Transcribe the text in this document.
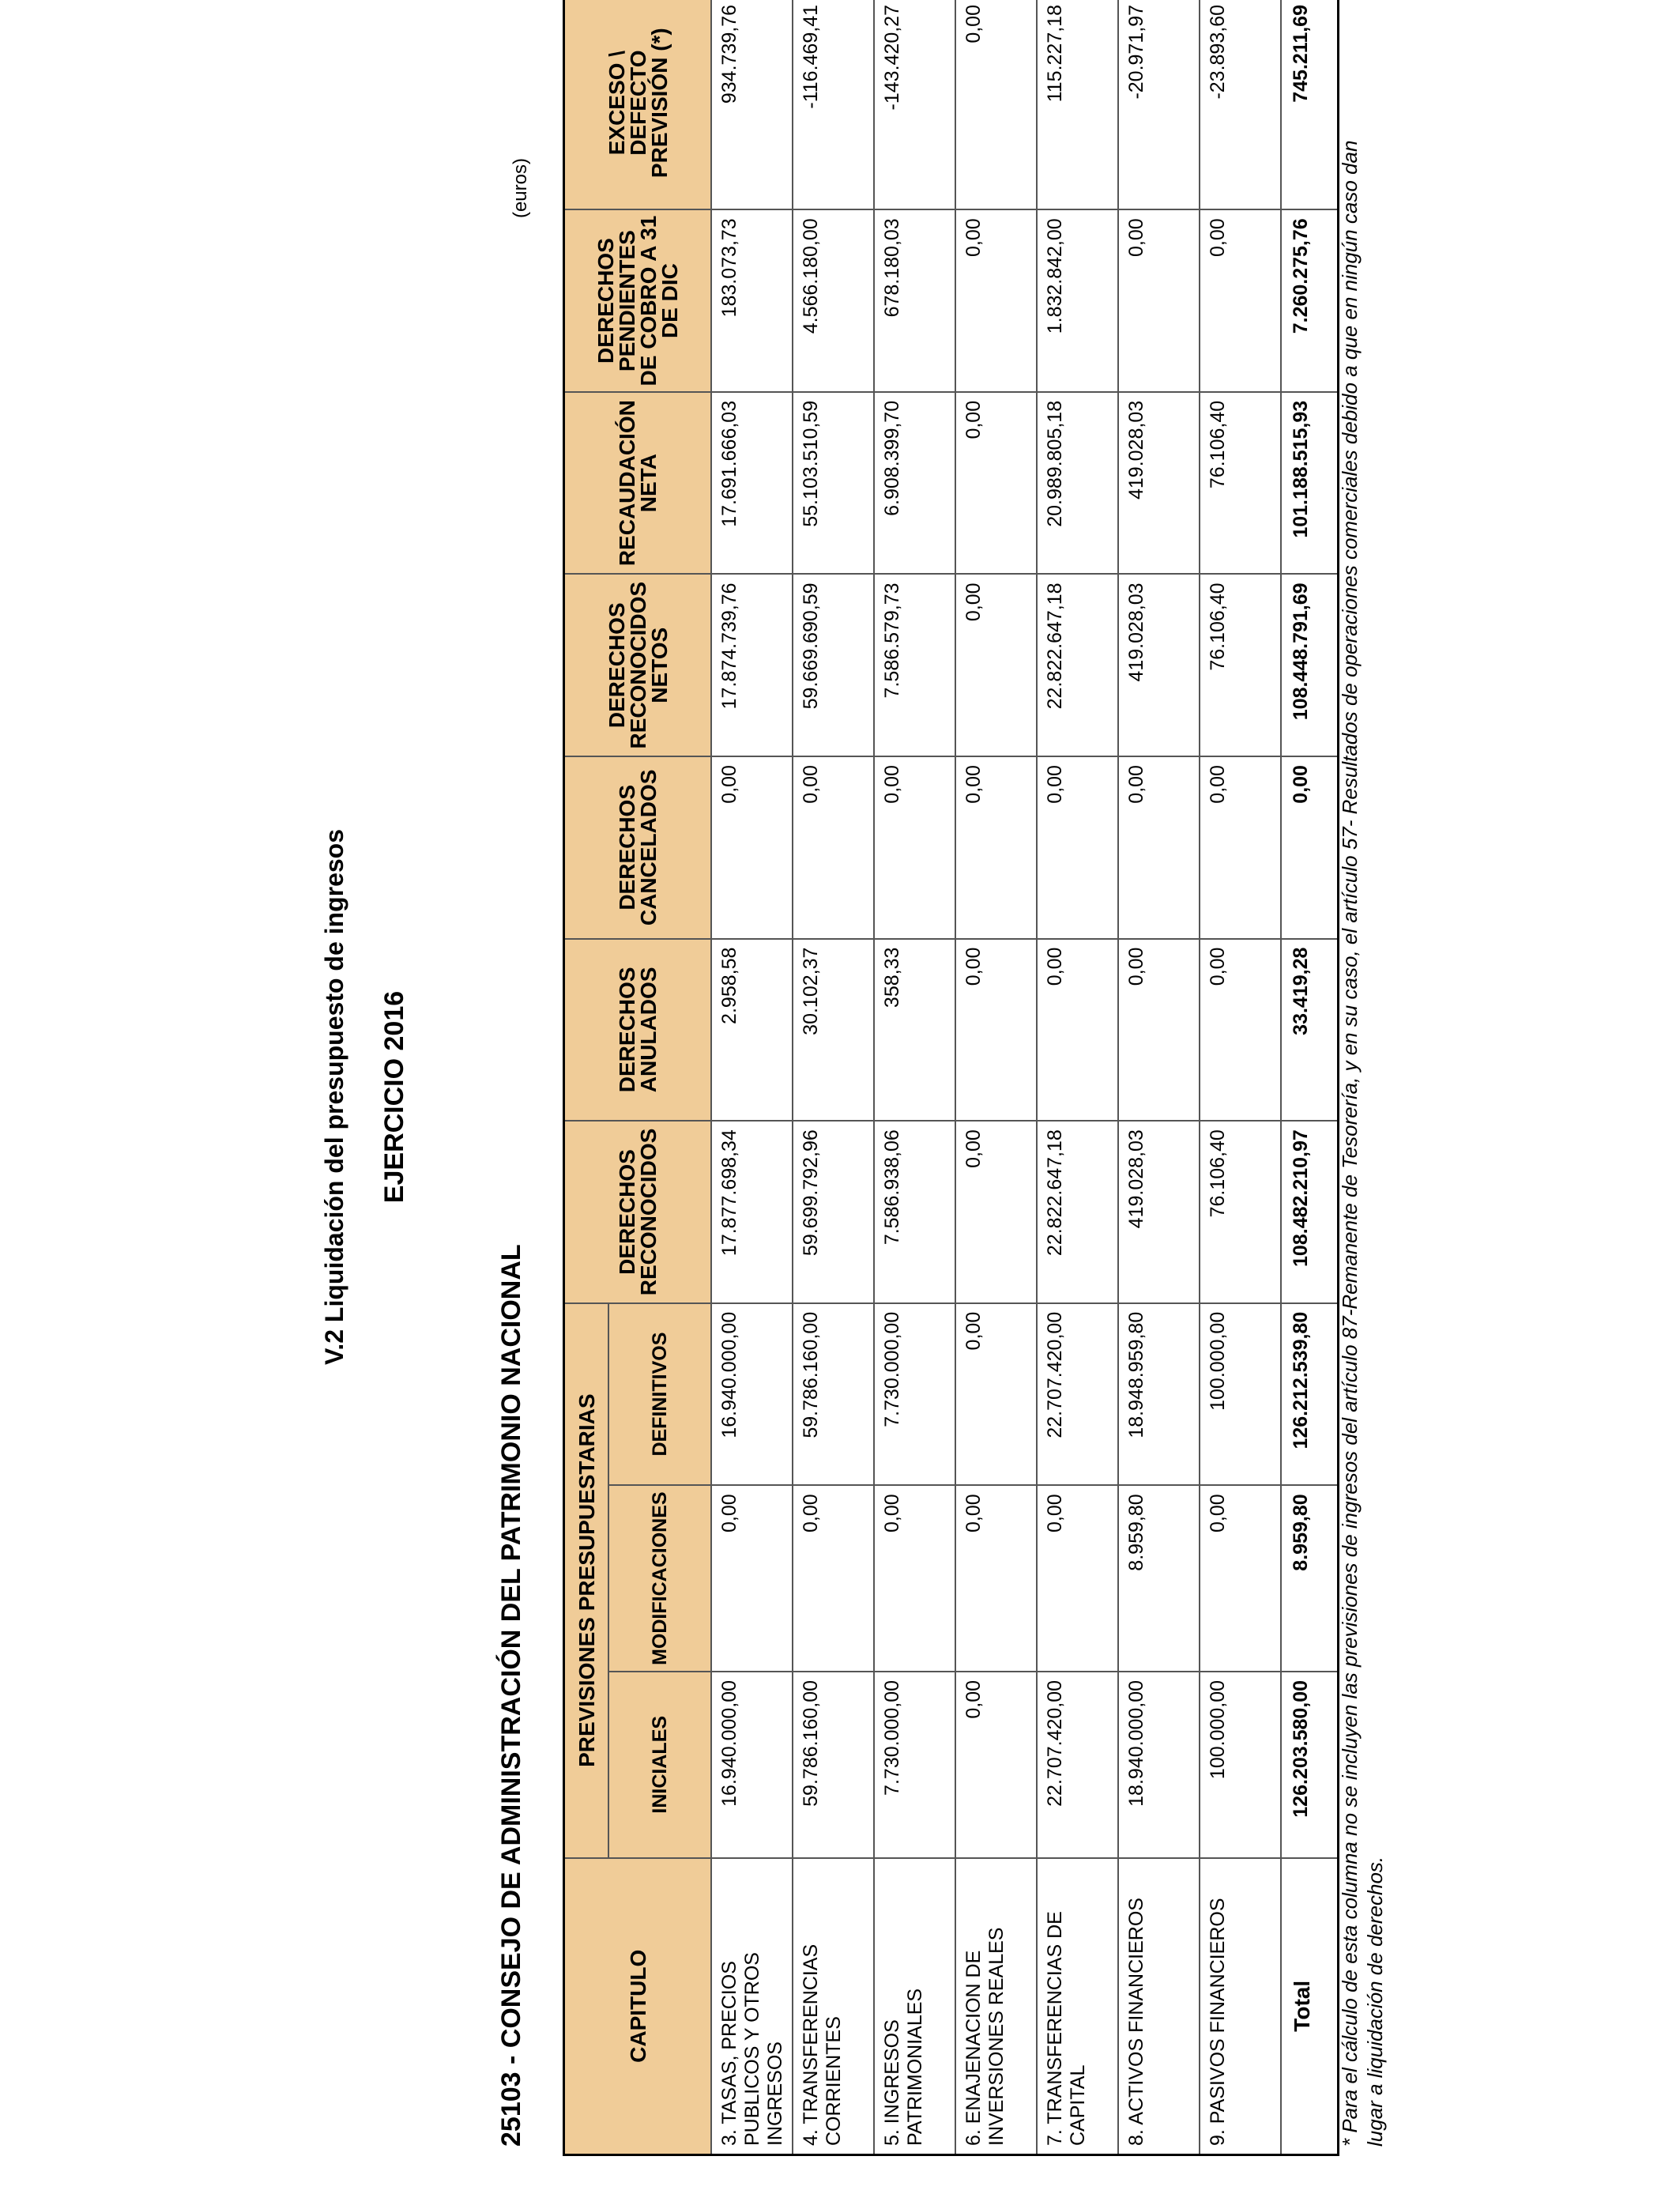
V.2 Liquidación del presupuesto de ingresos EJERCICIO 2016
25103 - CONSEJO DE ADMINISTRACIÓN DEL PATRIMONIO NACIONAL
(euros)
CAPITULO	PREVISIONES PRESUPUESTARIAS			DERECHOS RECONOCIDOS	DERECHOS ANULADOS	DERECHOS CANCELADOS	DERECHOS RECONOCIDOS NETOS	RECAUDACIÓN NETA	DERECHOS PENDIENTES DE COBRO A 31 DE DIC	EXCESO \ DEFECTO PREVISIÓN (*)
	INICIALES	MODIFICACIONES	DEFINITIVOS							
3. TASAS, PRECIOS PUBLICOS Y OTROS INGRESOS	16.940.000,00	0,00	16.940.000,00	17.877.698,34	2.958,58	0,00	17.874.739,76	17.691.666,03	183.073,73	934.739,76
4. TRANSFERENCIAS CORRIENTES	59.786.160,00	0,00	59.786.160,00	59.699.792,96	30.102,37	0,00	59.669.690,59	55.103.510,59	4.566.180,00	-116.469,41
5. INGRESOS PATRIMONIALES	7.730.000,00	0,00	7.730.000,00	7.586.938,06	358,33	0,00	7.586.579,73	6.908.399,70	678.180,03	-143.420,27
6. ENAJENACION DE INVERSIONES REALES	0,00	0,00	0,00	0,00	0,00	0,00	0,00	0,00	0,00	0,00
7. TRANSFERENCIAS DE CAPITAL	22.707.420,00	0,00	22.707.420,00	22.822.647,18	0,00	0,00	22.822.647,18	20.989.805,18	1.832.842,00	115.227,18
8. ACTIVOS FINANCIEROS	18.940.000,00	8.959,80	18.948.959,80	419.028,03	0,00	0,00	419.028,03	419.028,03	0,00	-20.971,97
9. PASIVOS FINANCIEROS	100.000,00	0,00	100.000,00	76.106,40	0,00	0,00	76.106,40	76.106,40	0,00	-23.893,60
Total	126.203.580,00	8.959,80	126.212.539,80	108.482.210,97	33.419,28	0,00	108.448.791,69	101.188.515,93	7.260.275,76	745.211,69
* Para el cálculo de esta columna no se incluyen las previsiones de ingresos del artículo 87-Remanente de Tesorería, y en su caso, el artículo 57- Resultados de operaciones comerciales debido a que en ningún caso dan lugar a liquidación de derechos.
